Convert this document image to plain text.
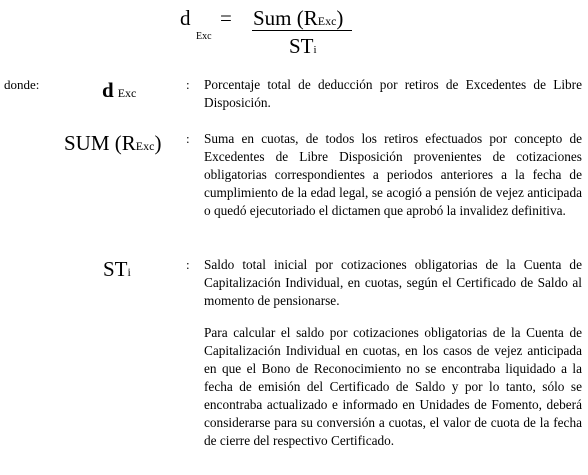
d
Exc
= Sum (RExc)
STi
donde:	d Exc
: Porcentaje total de deducción por retiros de Excedentes de Libre Disposición.
SUM (RExc) : Suma en cuotas, de todos los retiros efectuados por concepto de Excedentes de Libre Disposición provenientes de cotizaciones obligatorias correspondientes a periodos anteriores a la fecha de cumplimiento de la edad legal, se acogió a pensión de vejez anticipada o quedó ejecutoriado el dictamen que aprobó la invalidez definitiva.
STi	: Saldo total inicial por cotizaciones obligatorias de la Cuenta de Capitalización Individual, en cuotas, según el Certificado de Saldo al momento de pensionarse.
Para calcular el saldo por cotizaciones obligatorias de la Cuenta de Capitalización Individual en cuotas, en los casos de vejez anticipada en que el Bono de Reconocimiento no se encontraba liquidado a la fecha de emisión del Certificado de Saldo y por lo tanto, sólo se encontraba actualizado e informado en Unidades de Fomento, deberá considerarse para su conversión a cuotas, el valor de cuota de la fecha de cierre del respectivo Certificado.
